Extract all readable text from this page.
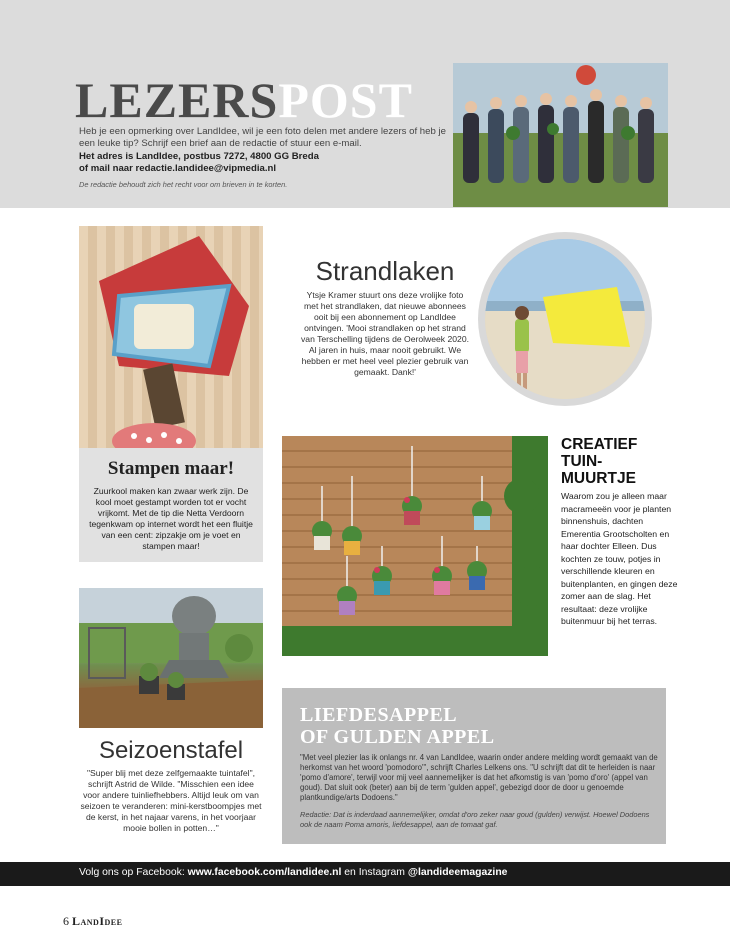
LEZERSPOST
Heb je een opmerking over LandIdee, wil je een foto delen met andere lezers of heb je een leuke tip? Schrijf een brief aan de redactie of stuur een e-mail.
Het adres is LandIdee, postbus 7272, 4800 GG Breda
of mail naar redactie.landidee@vipmedia.nl
De redactie behoudt zich het recht voor om brieven in te korten.
Stampen maar!
Zuurkool maken kan zwaar werk zijn. De kool moet gestampt worden tot er vocht vrijkomt. Met de tip die Netta Verdoorn tegenkwam op internet wordt het een fluitje van een cent: zipzakje om je voet en stampen maar!
Strandlaken
Ytsje Kramer stuurt ons deze vrolijke foto met het strandlaken, dat nieuwe abonnees ooit bij een abonnement op LandIdee ontvingen. 'Mooi strandlaken op het strand van Terschelling tijdens de Oerolweek 2020. Al jaren in huis, maar nooit gebruikt. We hebben er met heel veel plezier gebruik van gemaakt. Dank!'
CREATIEF
TUIN-
MUURTJE
Waarom zou je alleen maar macrameeën voor je planten binnenshuis, dachten Emerentia Grootscholten en haar dochter Elleen. Dus kochten ze touw, potjes in verschillende kleuren en buitenplanten, en gingen deze zomer aan de slag. Het resultaat: deze vrolijke buitenmuur bij het terras.
Seizoenstafel
"Super blij met deze zelfgemaakte tuintafel", schrijft Astrid de Wilde. "Misschien een idee voor andere tuinliefhebbers. Altijd leuk om van seizoen te veranderen: mini-kerstboompjes met de kerst, in het najaar varens, in het voorjaar mooie bollen in potten…"
LIEFDESAPPEL
OF GULDEN APPEL
"Met veel plezier las ik onlangs nr. 4 van LandIdee, waarin onder andere melding wordt gemaakt van de herkomst van het woord 'pomodoro'", schrijft Charles Lelkens ons. "U schrijft dat dit te herleiden is naar 'pomo d'amore', terwijl voor mij veel aannemelijker is dat het afkomstig is van 'pomo d'oro' (appel van goud). Dat sluit ook (beter) aan bij de term 'gulden appel', gebezigd door de door u genoemde plantkundige/arts Dodoens."
Redactie: Dat is inderdaad aannemelijker, omdat d'oro zeker naar goud (gulden) verwijst. Hoewel Dodoens ook de naam Poma amoris, liefdesappel, aan de tomaat gaf.
Volg ons op Facebook: www.facebook.com/landidee.nl en Instagram @landideemagazine
6 LandIdee
